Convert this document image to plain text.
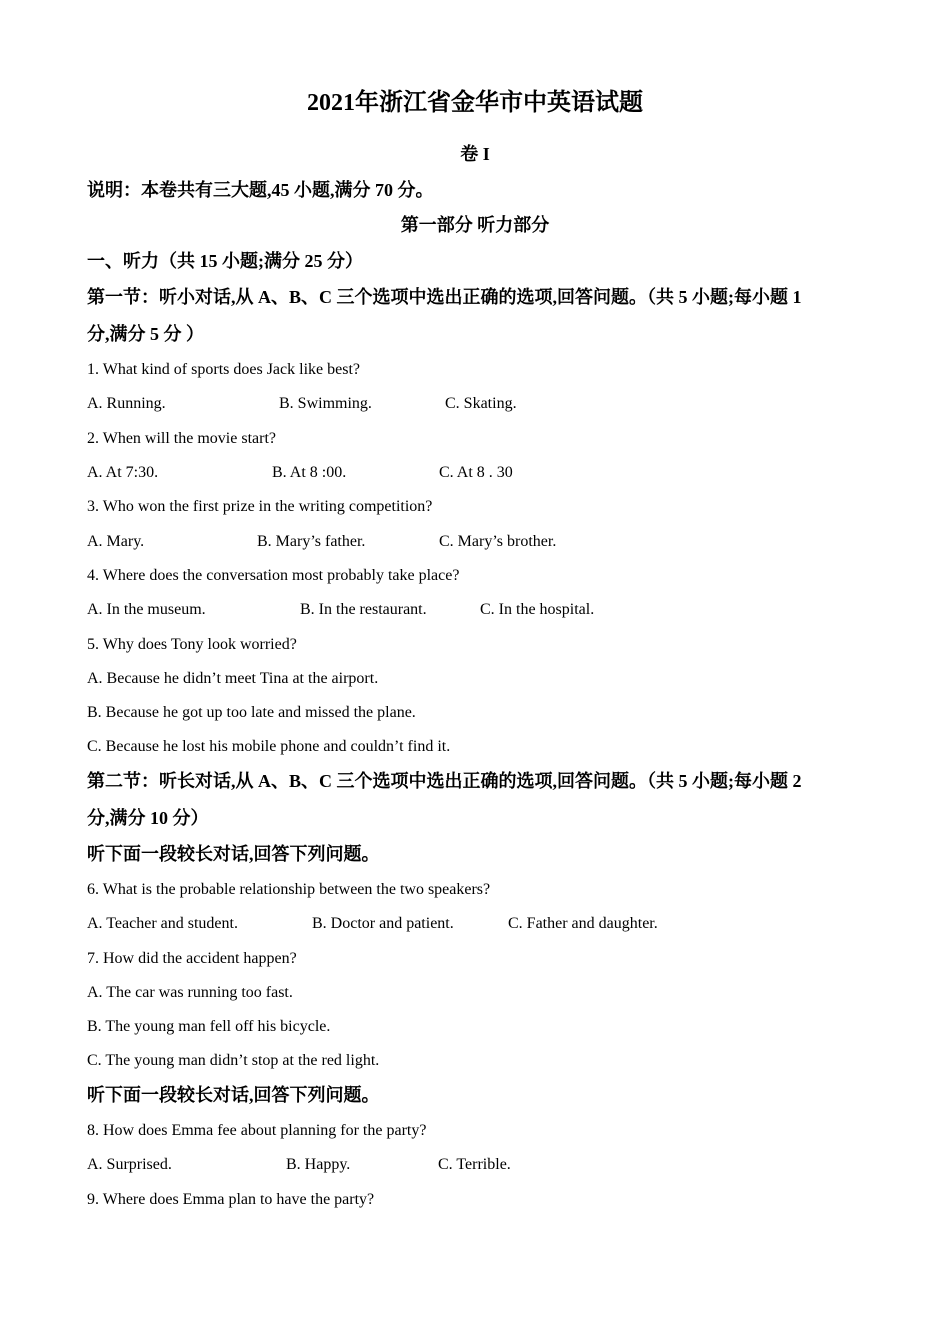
2021年浙江省金华市中英语试题
卷 I
说明：本卷共有三大题,45 小题,满分 70 分。
第一部分 听力部分
一、听力（共 15 小题;满分 25 分）
第一节：听小对话,从 A、B、C 三个选项中选出正确的选项,回答问题。（共 5 小题;每小题 1
分,满分 5 分 ）
1. What kind of sports does Jack like best?
A. Running.	B. Swimming.	C. Skating.
2. When will the movie start?
A. At 7:30.	B. At 8 :00.	C. At 8 . 30
3. Who won the first prize in the writing competition?
A. Mary.	B. Mary’s father.	C. Mary’s brother.
4. Where does the conversation most probably take place?
A. In the museum.	B. In the restaurant.	C. In the hospital.
5. Why does Tony look worried?
A. Because he didn’t meet Tina at the airport.
B. Because he got up too late and missed the plane.
C. Because he lost his mobile phone and couldn’t find it.
第二节：听长对话,从 A、B、C 三个选项中选出正确的选项,回答问题。（共 5 小题;每小题 2
分,满分 10 分）
听下面一段较长对话,回答下列问题。
6. What is the probable relationship between the two speakers?
A. Teacher and student.	B. Doctor and patient.	C. Father and daughter.
7. How did the accident happen?
A. The car was running too fast.
B. The young man fell off his bicycle.
C. The young man didn’t stop at the red light.
听下面一段较长对话,回答下列问题。
8. How does Emma fee about planning for the party?
A. Surprised.	B. Happy.	C. Terrible.
9. Where does Emma plan to have the party?
